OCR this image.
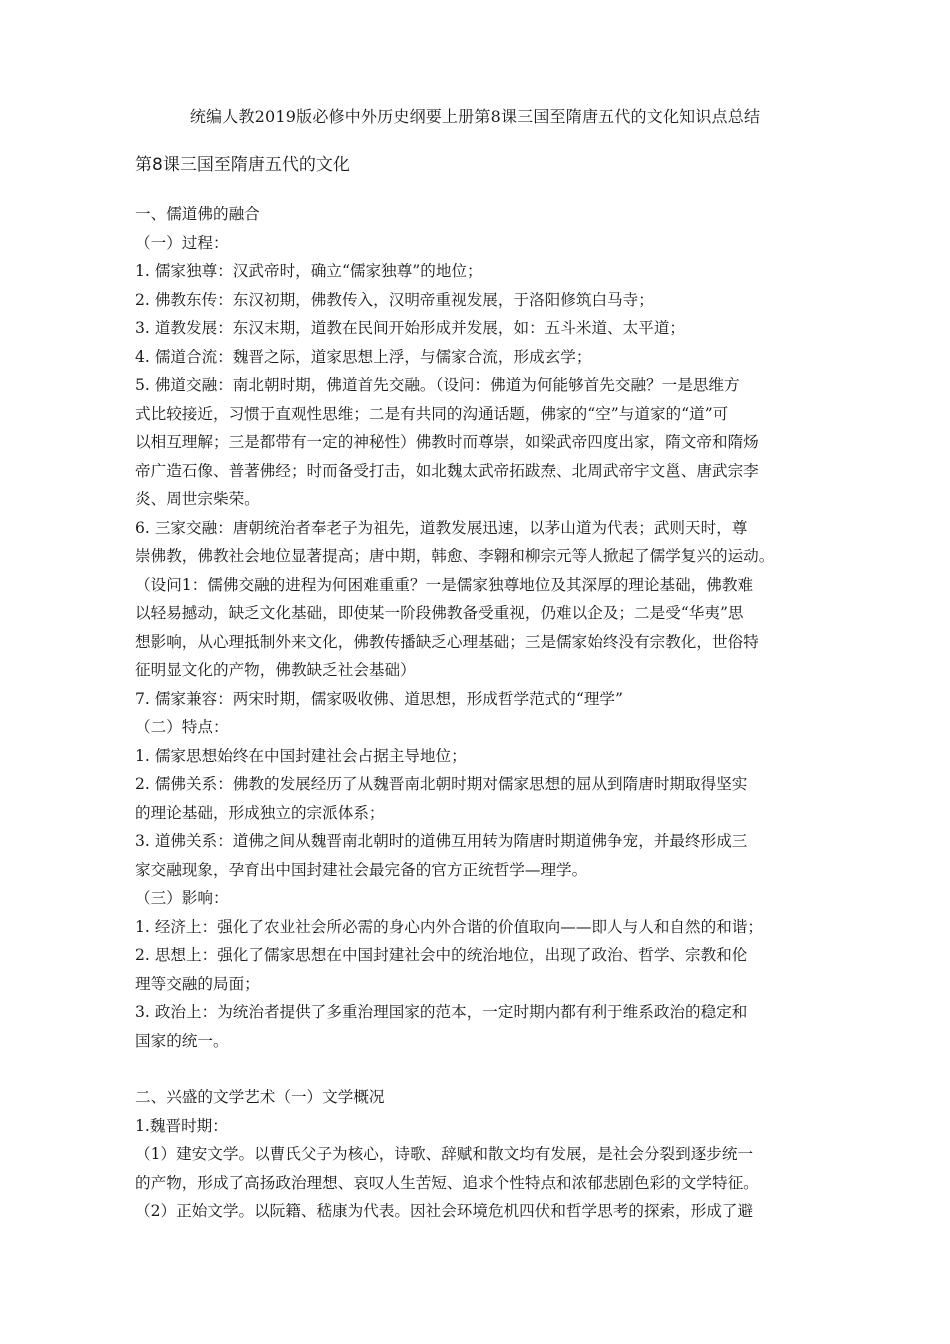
统编人教2019版必修中外历史纲要上册第8课三国至隋唐五代的文化知识点总结
第8课三国至隋唐五代的文化
一、儒道佛的融合
（一）过程：
1. 儒家独尊：汉武帝时，确立“儒家独尊”的地位；
2. 佛教东传：东汉初期，佛教传入，汉明帝重视发展，于洛阳修筑白马寺；
3. 道教发展：东汉末期，道教在民间开始形成并发展，如：五斗米道、太平道；
4. 儒道合流：魏晋之际，道家思想上浮，与儒家合流，形成玄学；
5. 佛道交融：南北朝时期，佛道首先交融。（设问：佛道为何能够首先交融？一是思维方
式比较接近，习惯于直观性思维；二是有共同的沟通话题，佛家的“空”与道家的“道”可
以相互理解；三是都带有一定的神秘性）佛教时而尊崇，如梁武帝四度出家，隋文帝和隋炀
帝广造石像、普著佛经；时而备受打击，如北魏太武帝拓跋焘、北周武帝宇文邕、唐武宗李
炎、周世宗柴荣。
6. 三家交融：唐朝统治者奉老子为祖先，道教发展迅速，以茅山道为代表；武则天时，尊
崇佛教，佛教社会地位显著提高；唐中期，韩愈、李翱和柳宗元等人掀起了儒学复兴的运动。
（设问1：儒佛交融的进程为何困难重重？一是儒家独尊地位及其深厚的理论基础，佛教难
以轻易撼动，缺乏文化基础，即使某一阶段佛教备受重视，仍难以企及；二是受“华夷”思
想影响，从心理抵制外来文化，佛教传播缺乏心理基础；三是儒家始终没有宗教化，世俗特
征明显文化的产物，佛教缺乏社会基础）
7. 儒家兼容：两宋时期，儒家吸收佛、道思想，形成哲学范式的“理学”
（二）特点：
1. 儒家思想始终在中国封建社会占据主导地位；
2. 儒佛关系：佛教的发展经历了从魏晋南北朝时期对儒家思想的屈从到隋唐时期取得坚实
的理论基础，形成独立的宗派体系；
3. 道佛关系：道佛之间从魏晋南北朝时的道佛互用转为隋唐时期道佛争宠，并最终形成三
家交融现象，孕育出中国封建社会最完备的官方正统哲学—理学。
（三）影响：
1. 经济上：强化了农业社会所必需的身心内外合谐的价值取向——即人与人和自然的和谐；
2. 思想上：强化了儒家思想在中国封建社会中的统治地位，出现了政治、哲学、宗教和伦
理等交融的局面；
3. 政治上：为统治者提供了多重治理国家的范本，一定时期内都有利于维系政治的稳定和
国家的统一。
二、兴盛的文学艺术（一）文学概况
1.魏晋时期：
（1）建安文学。以曹氏父子为核心，诗歌、辞赋和散文均有发展，是社会分裂到逐步统一
的产物，形成了高扬政治理想、哀叹人生苦短、追求个性特点和浓郁悲剧色彩的文学特征。
（2）正始文学。以阮籍、嵇康为代表。因社会环境危机四伏和哲学思考的探索，形成了避
